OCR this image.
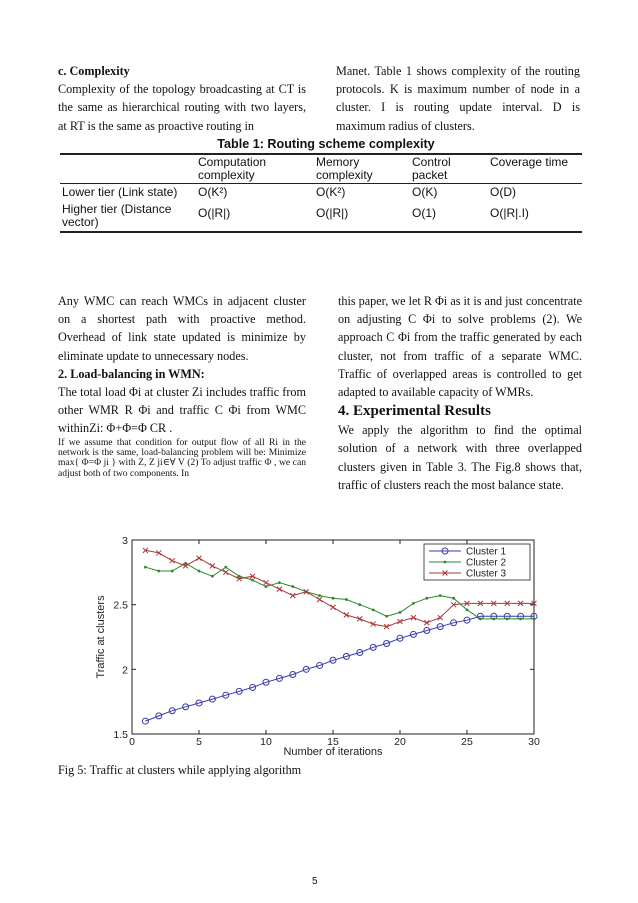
c. Complexity

Complexity of the topology broadcasting at CT is the same as hierarchical routing with two layers, at RT is the same as proactive routing in

Manet. Table 1 shows complexity of the routing protocols. K is maximum number of node in a cluster. I is routing update interval. D is maximum radius of clusters.

Table 1: Routing scheme complexity
	Computation complexity	Memory complexity	Control packet	Coverage time
Lower tier (Link state)	O(K²)	O(K²)	O(K)	O(D)
Higher tier (Distance vector)	O(|R|)	O(|R|)	O(1)	O(|R|.I)

Any WMC can reach WMCs in adjacent cluster on a shortest path with proactive method. Overhead of link state updated is minimize by eliminate update to unnecessary nodes.

2. Load-balancing in WMN:

The total load Φi at cluster Zi includes traffic from other WMR R Φi and traffic C Φi from WMC withinZi: Φ+Φ=Φ CR .

If we assume that condition for output flow of all Ri in the network is the same, load-balancing problem will be: Minimize max{ Φ=Φ ji } with Z, Z ji∈∀ V (2) To adjust traffic Φ , we can adjust both of two components. In

this paper, we let R Φi as it is and just concentrate on adjusting C Φi to solve problems (2). We approach C Φi from the traffic generated by each cluster, not from traffic of a separate WMC. Traffic of overlapped areas is controlled to get adapted to available capacity of WMRs.

4. Experimental Results

We apply the algorithm to find the optimal solution of a network with three overlapped clusters given in Table 3. The Fig.8 shows that, traffic of clusters reach the most balance state.

0	5	10	15	20	25	30
1.5
2
2.5
3
Number of iterations
Traffic at clusters
Cluster 1
Cluster 2
Cluster 3
Fig 5: Traffic at clusters while applying algorithm
5
